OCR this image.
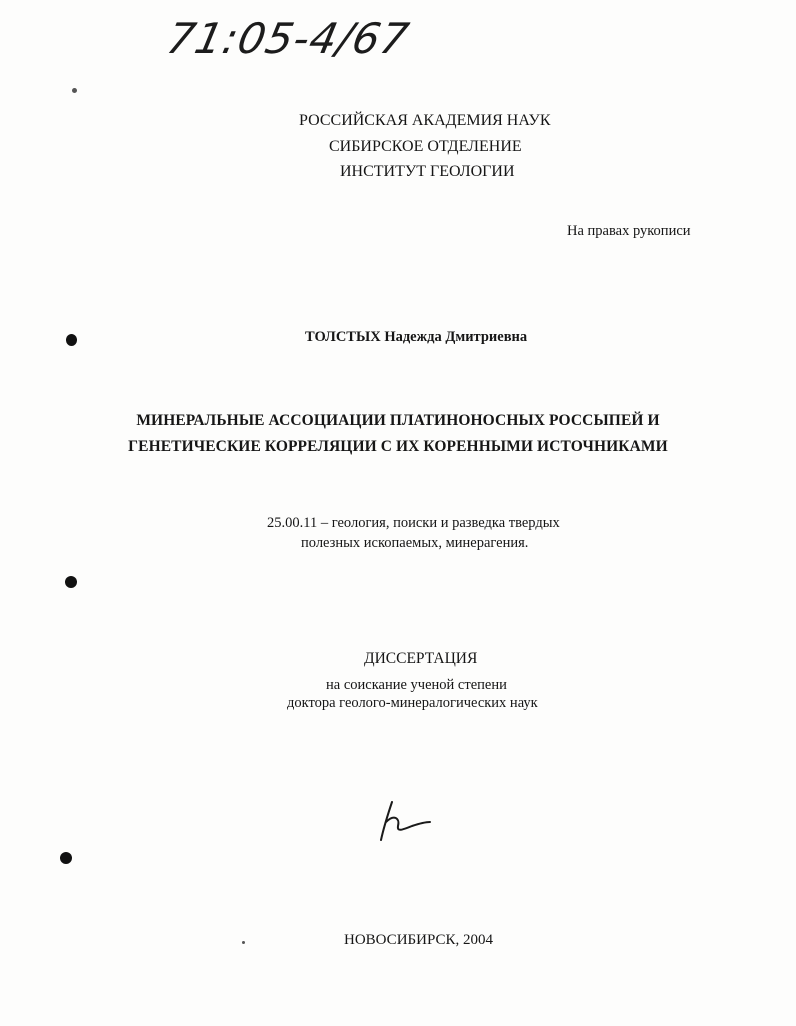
71:05-4/67
РОССИЙСКАЯ АКАДЕМИЯ НАУК
СИБИРСКОЕ ОТДЕЛЕНИЕ
ИНСТИТУТ ГЕОЛОГИИ
На правах рукописи
ТОЛСТЫХ Надежда Дмитриевна
МИНЕРАЛЬНЫЕ АССОЦИАЦИИ ПЛАТИНОНОСНЫХ РОССЫПЕЙ И
ГЕНЕТИЧЕСКИЕ КОРРЕЛЯЦИИ С ИХ КОРЕННЫМИ ИСТОЧНИКАМИ
25.00.11 – геология, поиски и разведка твердых
полезных ископаемых, минерагения.
ДИССЕРТАЦИЯ
на соискание ученой степени
доктора геолого-минералогических наук
НОВОСИБИРСК, 2004
